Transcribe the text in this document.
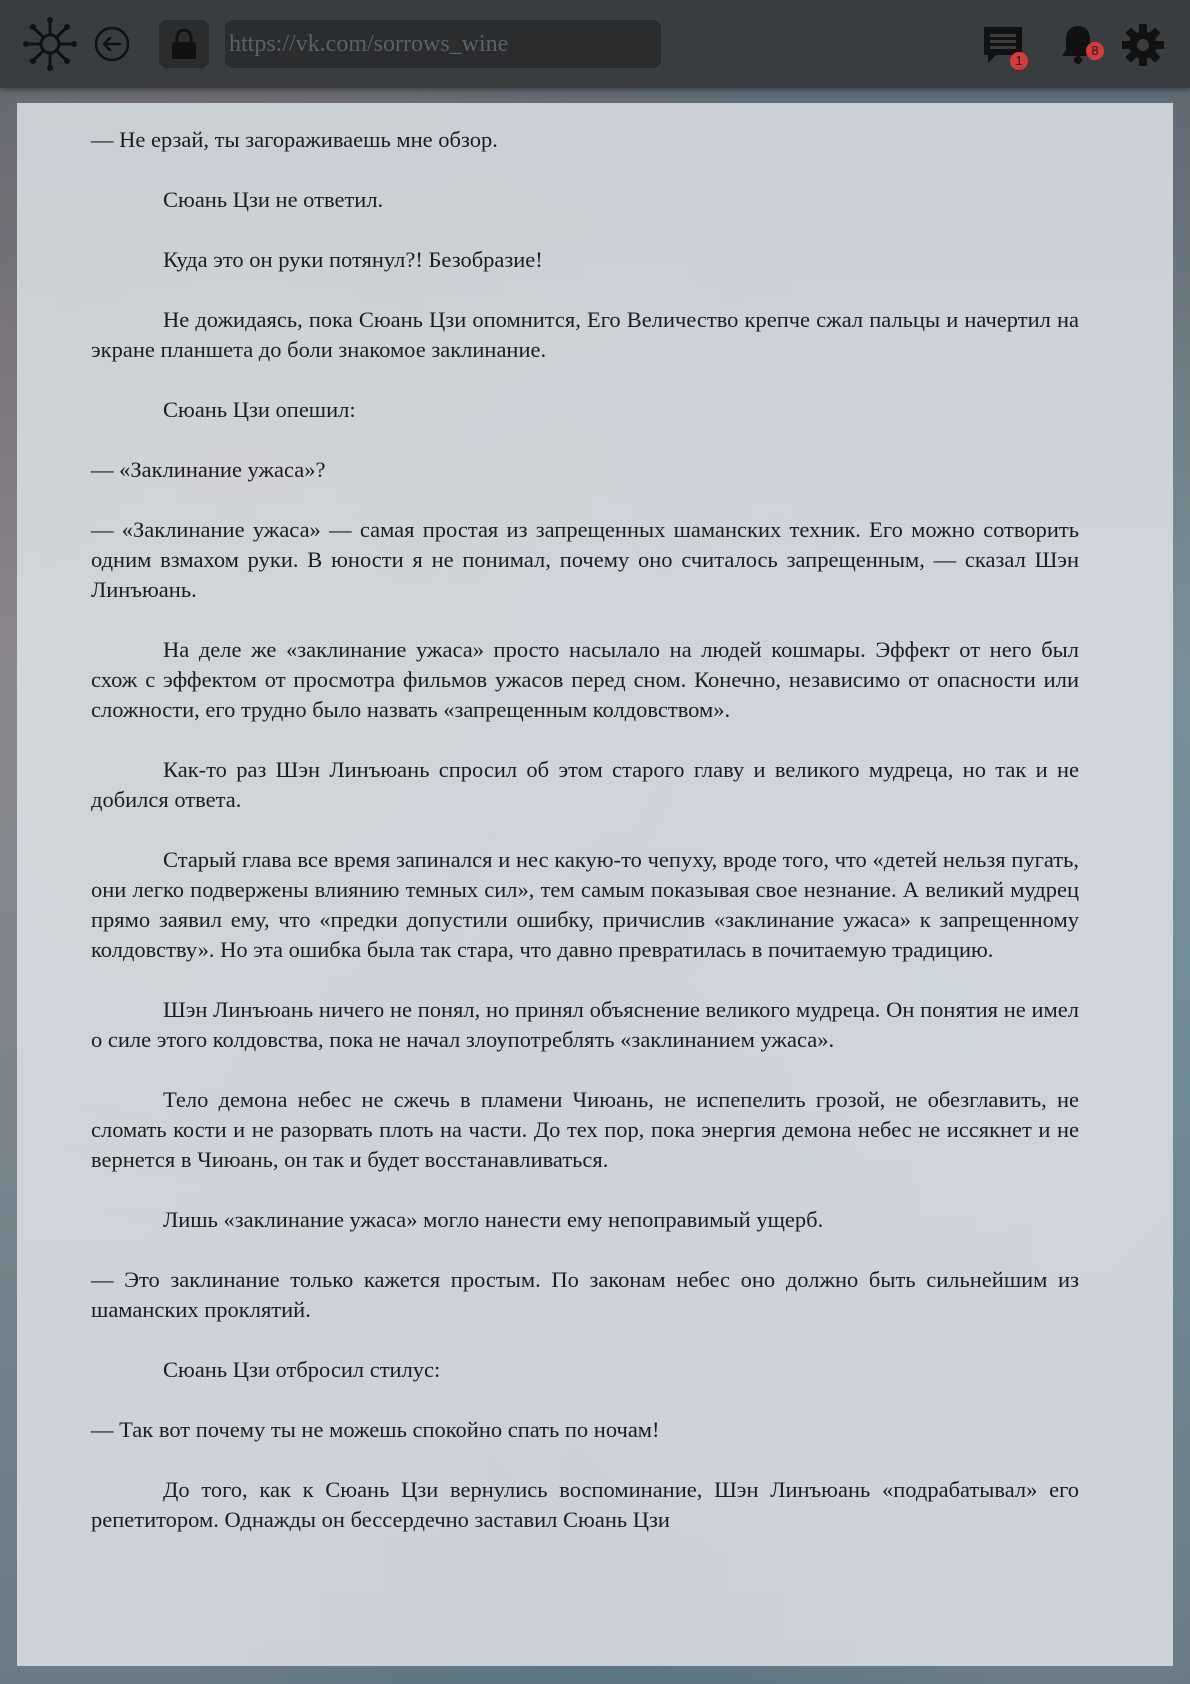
https://vk.com/sorrows_wine
1
8

— Не ерзай, ты загораживаешь мне обзор.

Сюань Цзи не ответил.

Куда это он руки потянул?! Безобразие!

Не дожидаясь, пока Сюань Цзи опомнится, Его Величество крепче сжал пальцы и начертил на экране планшета до боли знакомое заклинание.

Сюань Цзи опешил:

— «Заклинание ужаса»?

— «Заклинание ужаса» — самая простая из запрещенных шаманских техник. Его можно сотворить одним взмахом руки. В юности я не понимал, почему оно считалось запрещенным, — сказал Шэн Линъюань.

На деле же «заклинание ужаса» просто насылало на людей кошмары. Эффект от него был схож с эффектом от просмотра фильмов ужасов перед сном. Конечно, независимо от опасности или сложности, его трудно было назвать «запрещенным колдовством».

Как-то раз Шэн Линъюань спросил об этом старого главу и великого мудреца, но так и не добился ответа.

Старый глава все время запинался и нес какую-то чепуху, вроде того, что «детей нельзя пугать, они легко подвержены влиянию темных сил», тем самым показывая свое незнание. А великий мудрец прямо заявил ему, что «предки допустили ошибку, причислив «заклинание ужаса» к запрещенному колдовству». Но эта ошибка была так стара, что давно превратилась в почитаемую традицию.

Шэн Линъюань ничего не понял, но принял объяснение великого мудреца. Он понятия не имел о силе этого колдовства, пока не начал злоупотреблять «заклинанием ужаса».

Тело демона небес не сжечь в пламени Чиюань, не испепелить грозой, не обезглавить, не сломать кости и не разорвать плоть на части. До тех пор, пока энергия демона небес не иссякнет и не вернется в Чиюань, он так и будет восстанавливаться.

Лишь «заклинание ужаса» могло нанести ему непоправимый ущерб.

— Это заклинание только кажется простым. По законам небес оно должно быть сильнейшим из шаманских проклятий.

Сюань Цзи отбросил стилус:

— Так вот почему ты не можешь спокойно спать по ночам!

До того, как к Сюань Цзи вернулись воспоминание, Шэн Линъюань «подрабатывал» его репетитором. Однажды он бессердечно заставил Сюань Цзи
